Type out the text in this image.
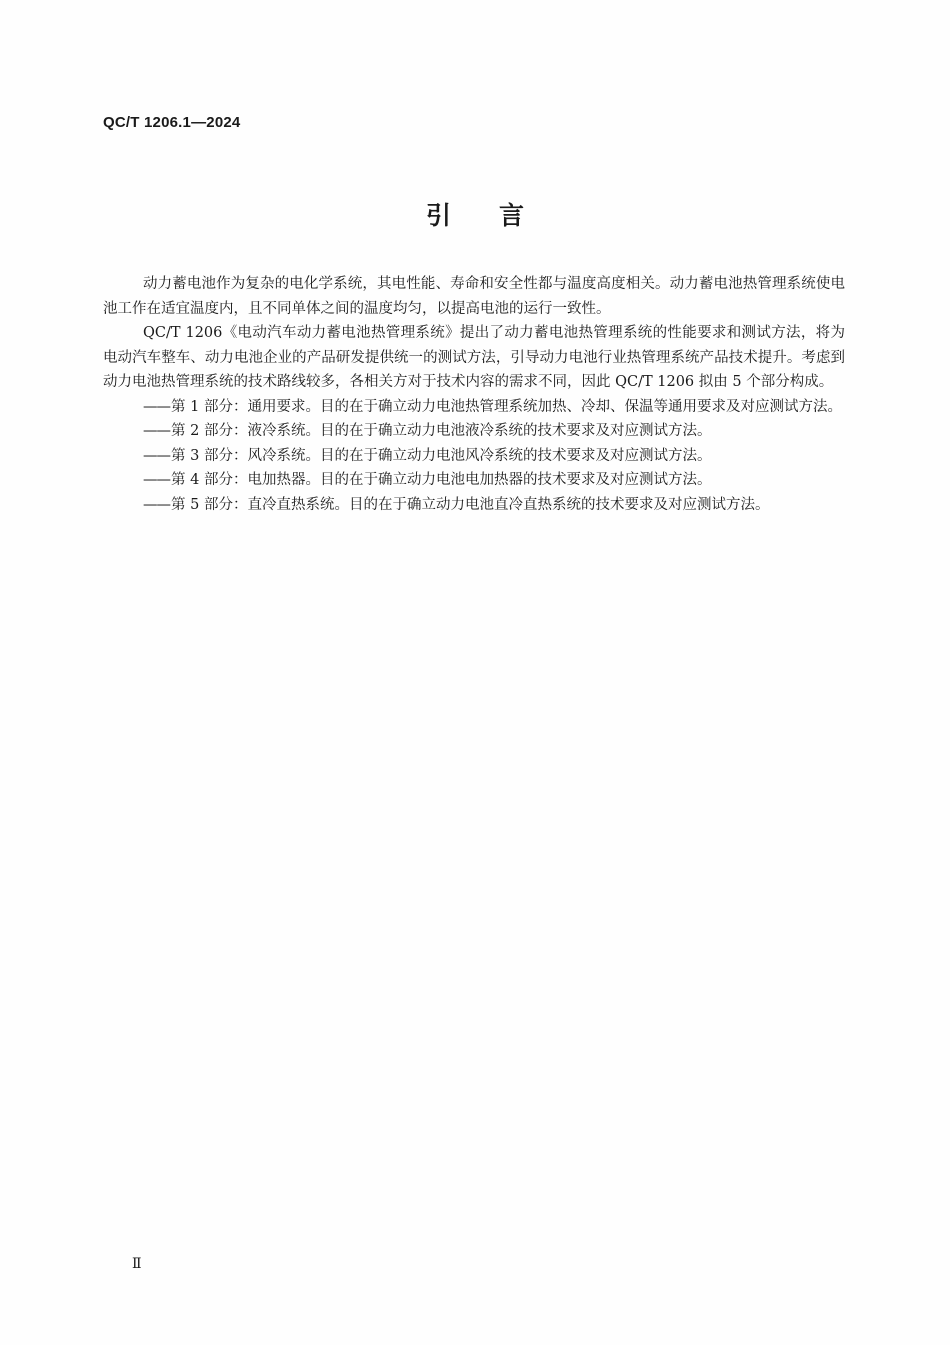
QC/T 1206.1—2024
引言

动力蓄电池作为复杂的电化学系统，其电性能、寿命和安全性都与温度高度相关。动力蓄电池热管理系统使电池工作在适宜温度内，且不同单体之间的温度均匀，以提高电池的运行一致性。

QC/T 1206《电动汽车动力蓄电池热管理系统》提出了动力蓄电池热管理系统的性能要求和测试方法，将为电动汽车整车、动力电池企业的产品研发提供统一的测试方法，引导动力电池行业热管理系统产品技术提升。考虑到动力电池热管理系统的技术路线较多，各相关方对于技术内容的需求不同，因此 QC/T 1206 拟由 5 个部分构成。

——第 1 部分：通用要求。目的在于确立动力电池热管理系统加热、冷却、保温等通用要求及对应测试方法。
——第 2 部分：液冷系统。目的在于确立动力电池液冷系统的技术要求及对应测试方法。
——第 3 部分：风冷系统。目的在于确立动力电池风冷系统的技术要求及对应测试方法。
——第 4 部分：电加热器。目的在于确立动力电池电加热器的技术要求及对应测试方法。
——第 5 部分：直冷直热系统。目的在于确立动力电池直冷直热系统的技术要求及对应测试方法。
Ⅱ
